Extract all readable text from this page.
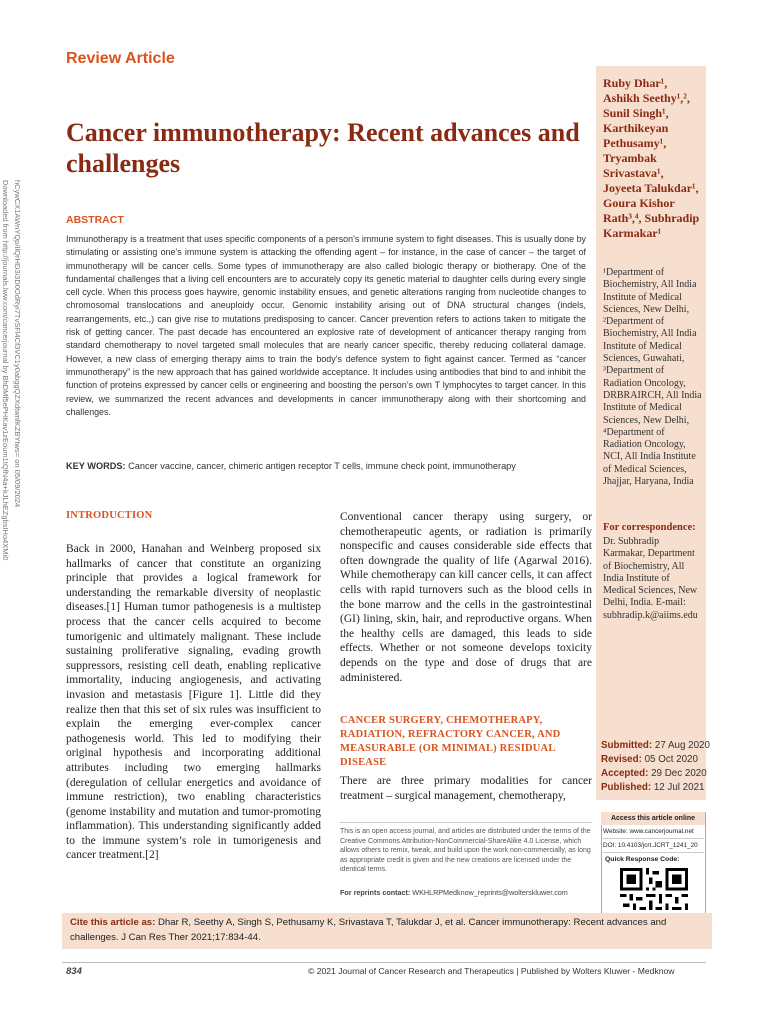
Review Article
Cancer immunotherapy: Recent advances and challenges
Downloaded from http://journals.lww.com/cancerjournal by BhDMf5ePHKav1zEoum1tQfN4a+kJLhEZgbsIHo4XMi0 hCywCX1AWnYQp/IlQrHD3i3D0OdRyi7TvSFl4Cf3VC1y0abggQZXdtwnfKZBYtws= on 05/09/2024
Ruby Dhar¹, Ashikh Seethy¹,², Sunil Singh¹, Karthikeyan Pethusamy¹, Tryambak Srivastava¹, Joyeeta Talukdar¹, Goura Kishor Rath³,⁴, Subhradip Karmakar¹
¹Department of Biochemistry, All India Institute of Medical Sciences, New Delhi, ²Department of Biochemistry, All India Institute of Medical Sciences, Guwahati, ³Department of Radiation Oncology, DRBRAIRCH, All India Institute of Medical Sciences, New Delhi, ⁴Department of Radiation Oncology, NCI, All India Institute of Medical Sciences, Jhajjar, Haryana, India
For correspondence:
Dr. Subhradip Karmakar, Department of Biochemistry, All India Institute of Medical Sciences, New Delhi, India. E-mail: subhradip.k@aiims.edu
ABSTRACT
Immunotherapy is a treatment that uses specific components of a person’s immune system to fight diseases. This is usually done by stimulating or assisting one’s immune system is attacking the offending agent – for instance, in the case of cancer – the target of immunotherapy will be cancer cells. Some types of immunotherapy are also called biologic therapy or biotherapy. One of the fundamental challenges that a living cell encounters are to accurately copy its genetic material to daughter cells during every single cell cycle. When this process goes haywire, genomic instability ensues, and genetic alterations ranging from nucleotide changes to chromosomal translocations and aneuploidy occur. Genomic instability arising out of DNA structural changes (indels, rearrangements, etc.,) can give rise to mutations predisposing to cancer. Cancer prevention refers to actions taken to mitigate the risk of getting cancer. The past decade has encountered an explosive rate of development of anticancer therapy ranging from standard chemotherapy to novel targeted small molecules that are nearly cancer specific, thereby reducing collateral damage. However, a new class of emerging therapy aims to train the body’s defence system to fight against cancer. Termed as “cancer immunotherapy” is the new approach that has gained worldwide acceptance. It includes using antibodies that bind to and inhibit the function of proteins expressed by cancer cells or engineering and boosting the person’s own T lymphocytes to target cancer. In this review, we summarized the recent advances and developments in cancer immunotherapy along with their shortcoming and challenges.
KEY WORDS: Cancer vaccine, cancer, chimeric antigen receptor T cells, immune check point, immunotherapy
INTRODUCTION
Back in 2000, Hanahan and Weinberg proposed six hallmarks of cancer that constitute an organizing principle that provides a logical framework for understanding the remarkable diversity of neoplastic diseases.[1] Human tumor pathogenesis is a multistep process that the cancer cells acquired to become tumorigenic and ultimately malignant. These include sustaining proliferative signaling, evading growth suppressors, resisting cell death, enabling replicative immortality, inducing angiogenesis, and activating invasion and metastasis [Figure 1]. Little did they realize then that this set of six rules was insufficient to explain the emerging ever-complex cancer pathogenesis world. This led to modifying their original hypothesis and incorporating additional attributes including two emerging hallmarks (deregulation of cellular energetics and avoidance of immune restriction), two enabling characteristics (genome instability and mutation and tumor-promoting inflammation). This understanding significantly added to the immune system’s role in tumorigenesis and cancer treatment.[2]
Conventional cancer therapy using surgery, or chemotherapeutic agents, or radiation is primarily nonspecific and causes considerable side effects that often downgrade the quality of life (Agarwal 2016). While chemotherapy can kill cancer cells, it can affect cells with rapid turnovers such as the blood cells in the bone marrow and the cells in the gastrointestinal (GI) lining, skin, hair, and reproductive organs. When the healthy cells are damaged, this leads to side effects. Whether or not someone develops toxicity depends on the type and dose of drugs that are administered.
CANCER SURGERY, CHEMOTHERAPY, RADIATION, REFRACTORY CANCER, AND MEASURABLE (OR MINIMAL) RESIDUAL DISEASE
There are three primary modalities for cancer treatment – surgical management, chemotherapy,
This is an open access journal, and articles are distributed under the terms of the Creative Commons Attribution-NonCommercial-ShareAlike 4.0 License, which allows others to remix, tweak, and build upon the work non-commercially, as long as appropriate credit is given and the new creations are licensed under the identical terms.
For reprints contact: WKHLRPMedknow_reprints@wolterskluwer.com
Submitted: 27 Aug 2020
Revised: 05 Oct 2020
Accepted: 29 Dec 2020
Published: 12 Jul 2021
Access this article online
Website: www.cancerjournal.net
DOI: 10.4103/jcrt.JCRT_1241_20
Quick Response Code:
Cite this article as: Dhar R, Seethy A, Singh S, Pethusamy K, Srivastava T, Talukdar J, et al. Cancer immunotherapy: Recent advances and challenges. J Can Res Ther 2021;17:834-44.
834	© 2021 Journal of Cancer Research and Therapeutics | Published by Wolters Kluwer - Medknow
